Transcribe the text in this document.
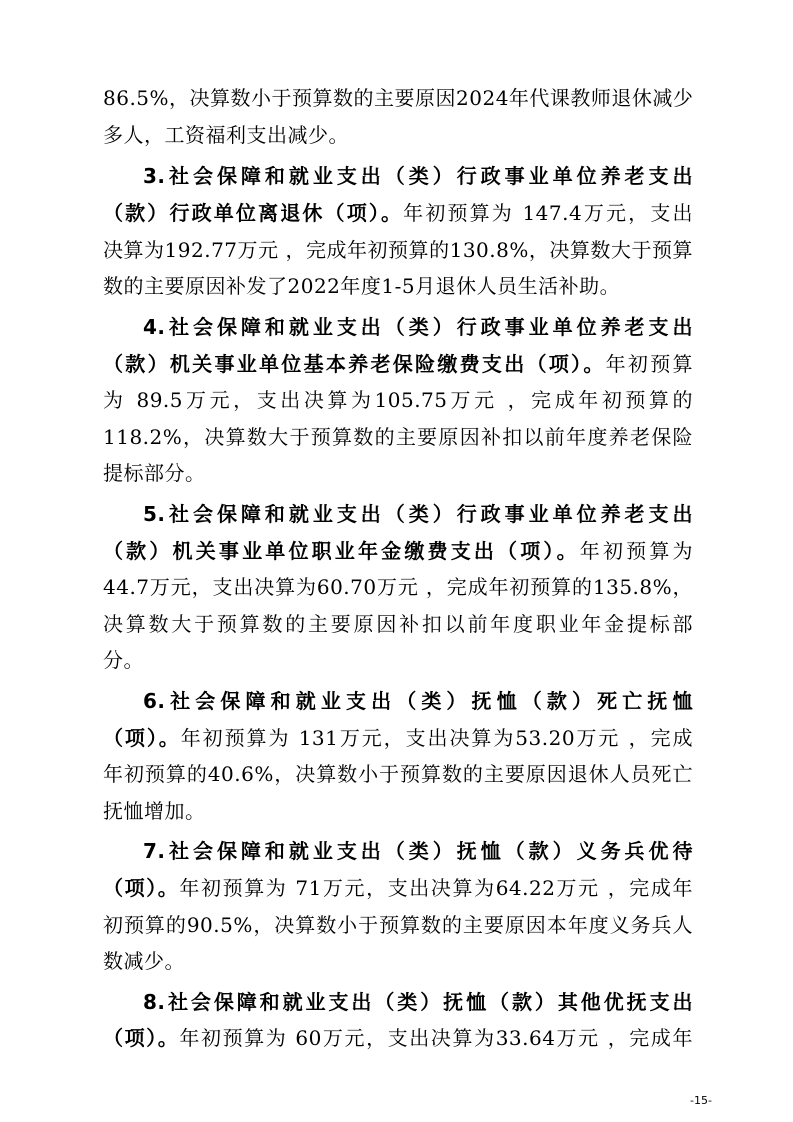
86.5%，决算数小于预算数的主要原因2024年代课教师退休减少
多人，工资福利支出减少。
3.社会保障和就业支出（类）行政事业单位养老支出
（款）行政单位离退休（项）。年初预算为 147.4万元，支出
决算为192.77万元 ，完成年初预算的130.8%，决算数大于预算
数的主要原因补发了2022年度1-5月退休人员生活补助。
4.社会保障和就业支出（类）行政事业单位养老支出
（款）机关事业单位基本养老保险缴费支出（项）。年初预算
为 89.5万元，支出决算为105.75万元 ，完成年初预算的
118.2%，决算数大于预算数的主要原因补扣以前年度养老保险
提标部分。
5.社会保障和就业支出（类）行政事业单位养老支出
（款）机关事业单位职业年金缴费支出（项）。年初预算为
44.7万元，支出决算为60.70万元 ，完成年初预算的135.8%，
决算数大于预算数的主要原因补扣以前年度职业年金提标部
分。
6.社会保障和就业支出（类）抚恤（款）死亡抚恤
（项）。年初预算为 131万元，支出决算为53.20万元 ，完成
年初预算的40.6%，决算数小于预算数的主要原因退休人员死亡
抚恤增加。
7.社会保障和就业支出（类）抚恤（款）义务兵优待
（项）。年初预算为 71万元，支出决算为64.22万元 ，完成年
初预算的90.5%，决算数小于预算数的主要原因本年度义务兵人
数减少。
8.社会保障和就业支出（类）抚恤（款）其他优抚支出
（项）。年初预算为 60万元，支出决算为33.64万元 ，完成年
-15-
